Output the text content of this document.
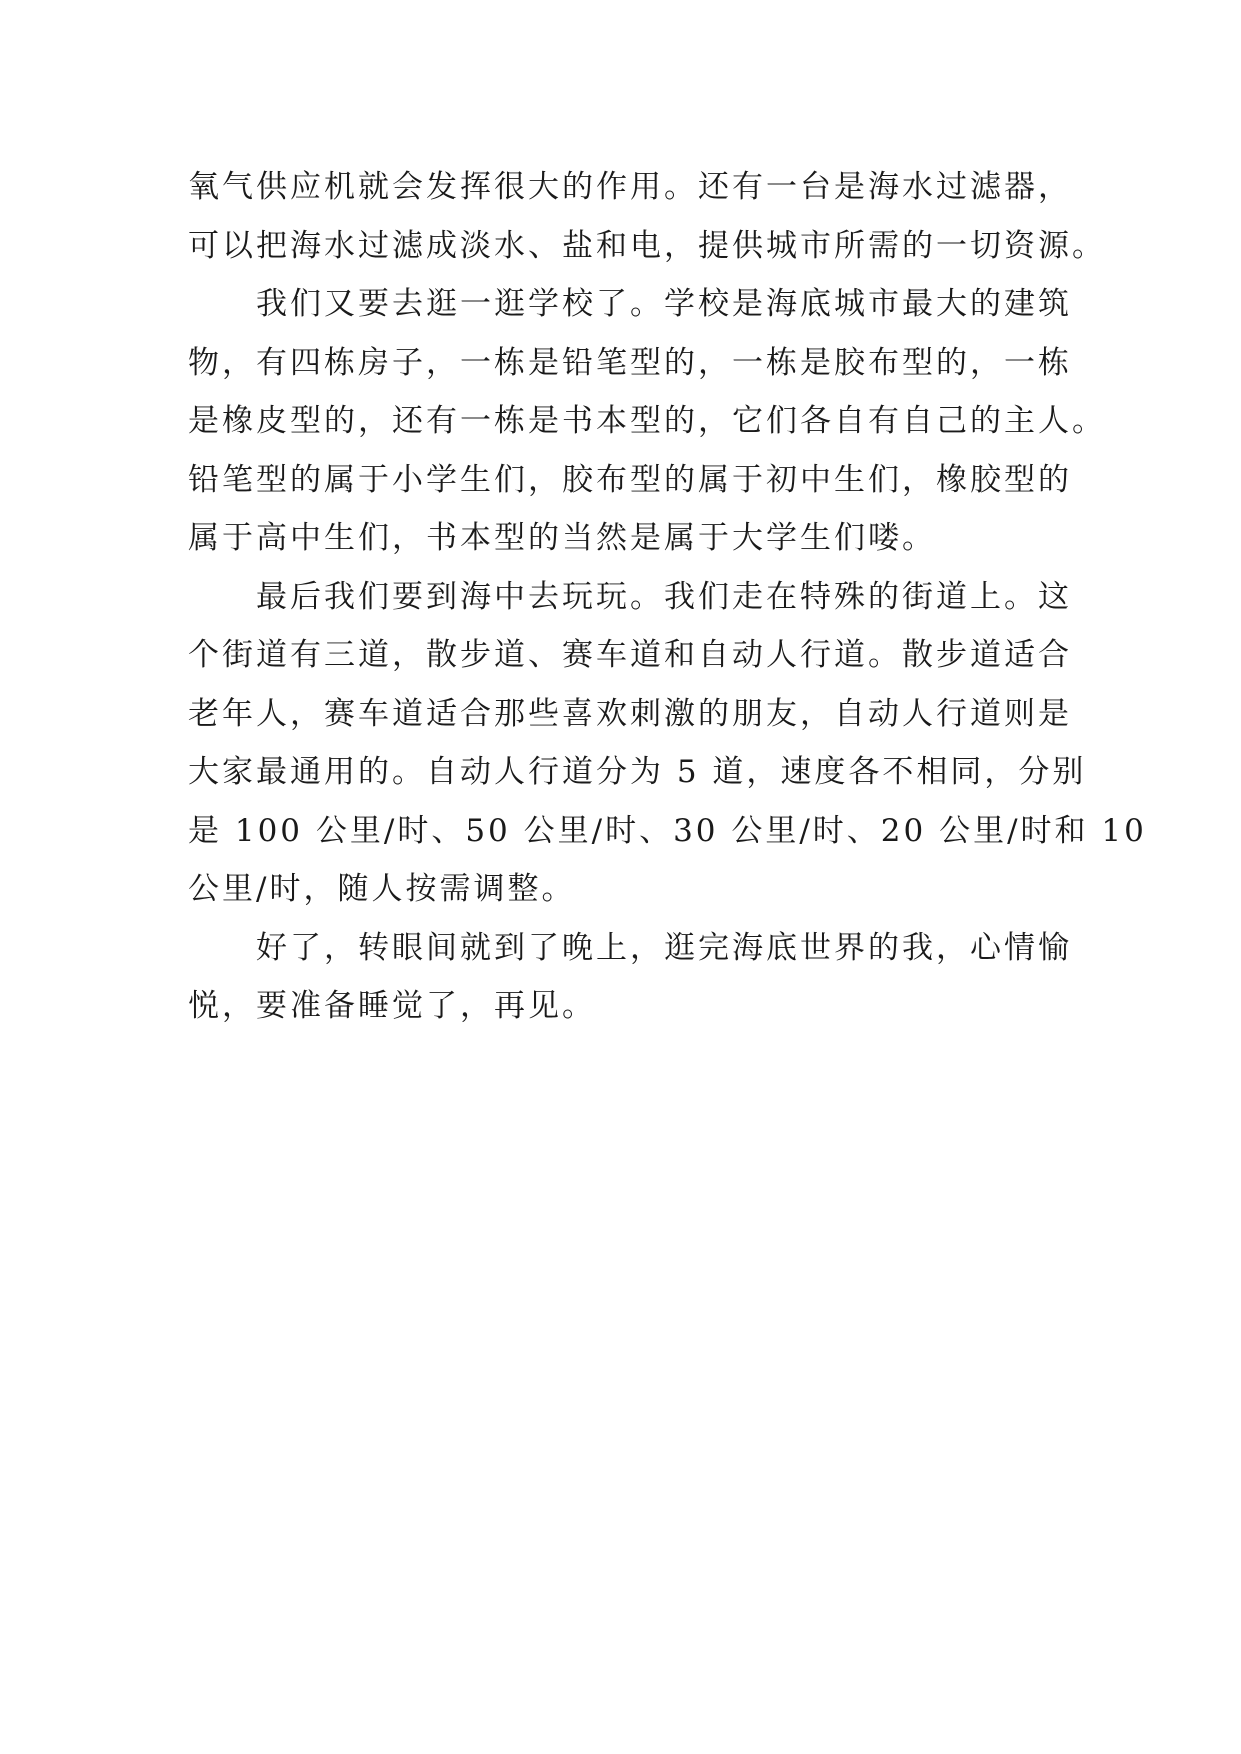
氧气供应机就会发挥很大的作用。还有一台是海水过滤器，
可以把海水过滤成淡水、盐和电，提供城市所需的一切资源。
我们又要去逛一逛学校了。学校是海底城市最大的建筑
物，有四栋房子，一栋是铅笔型的，一栋是胶布型的，一栋
是橡皮型的，还有一栋是书本型的，它们各自有自己的主人。
铅笔型的属于小学生们，胶布型的属于初中生们，橡胶型的
属于高中生们，书本型的当然是属于大学生们喽。
最后我们要到海中去玩玩。我们走在特殊的街道上。这
个街道有三道，散步道、赛车道和自动人行道。散步道适合
老年人，赛车道适合那些喜欢刺激的朋友，自动人行道则是
大家最通用的。自动人行道分为 5 道，速度各不相同，分别
是 100 公里/时、50 公里/时、30 公里/时、20 公里/时和 10
公里/时，随人按需调整。
好了，转眼间就到了晚上，逛完海底世界的我，心情愉
悦，要准备睡觉了，再见。
